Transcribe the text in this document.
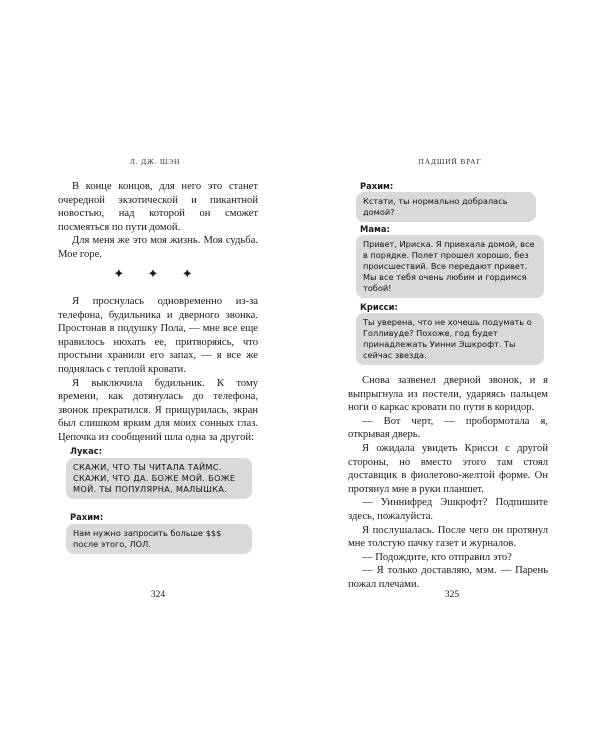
Л. ДЖ. ШЭН

В конце концов, для него это станет очередной экзотической и пикантной новостью, над которой он сможет посмеяться по пути домой.

Для меня же это моя жизнь. Моя судьба. Мое горе.

✦ ✦ ✦

Я проснулась одновременно из-за телефона, будильника и дверного звонка. Простонав в подушку Пола, — мне все еще нравилось нюхать ее, притворяясь, что простыни хранили его запах, — я все же поднялась с теплой кровати.

Я выключила будильник. К тому времени, как дотянулась до телефона, звонок прекратился. Я прищурилась, экран был слишком ярким для моих сонных глаз. Цепочка из сообщений шла одна за другой:

Лукас:
СКАЖИ, ЧТО ТЫ ЧИТАЛА ТАЙМС. СКАЖИ, ЧТО ДА. БОЖЕ МОЙ. БОЖЕ МОЙ. ТЫ ПОПУЛЯРНА, МАЛЫШКА.
Рахим:
Нам нужно запросить больше $$$ после этого, ЛОЛ.
324
ПАДШИЙ ВРАГ
Рахим:
Кстати, ты нормально добралась домой?
Мама:
Привет, Ириска. Я приехала домой, все в порядке. Полет прошел хорошо, без происшествий. Все передают привет. Мы все тебя очень любим и гордимся тобой!
Крисси:
Ты уверена, что не хочешь подумать о Голливуде? Похоже, год будет принадлежать Уинни Эшкрофт. Ты сейчас звезда.

Снова зазвенел дверной звонок, и я выпрыгнула из постели, ударяясь пальцем ноги о каркас кровати по пути в коридор.

— Вот черт, — пробормотала я, открывая дверь.

Я ожидала увидеть Крисси с другой стороны, но вместо этого там стоял доставщик в фиолетово-желтой форме. Он протянул мне в руки планшет.

— Уиннифред Эшкрофт? Подпишите здесь, пожалуйста.

Я послушалась. После чего он протянул мне толстую пачку газет и журналов.

— Подождите, кто отправил это?

— Я только доставляю, мэм. — Парень пожал плечами.

325
